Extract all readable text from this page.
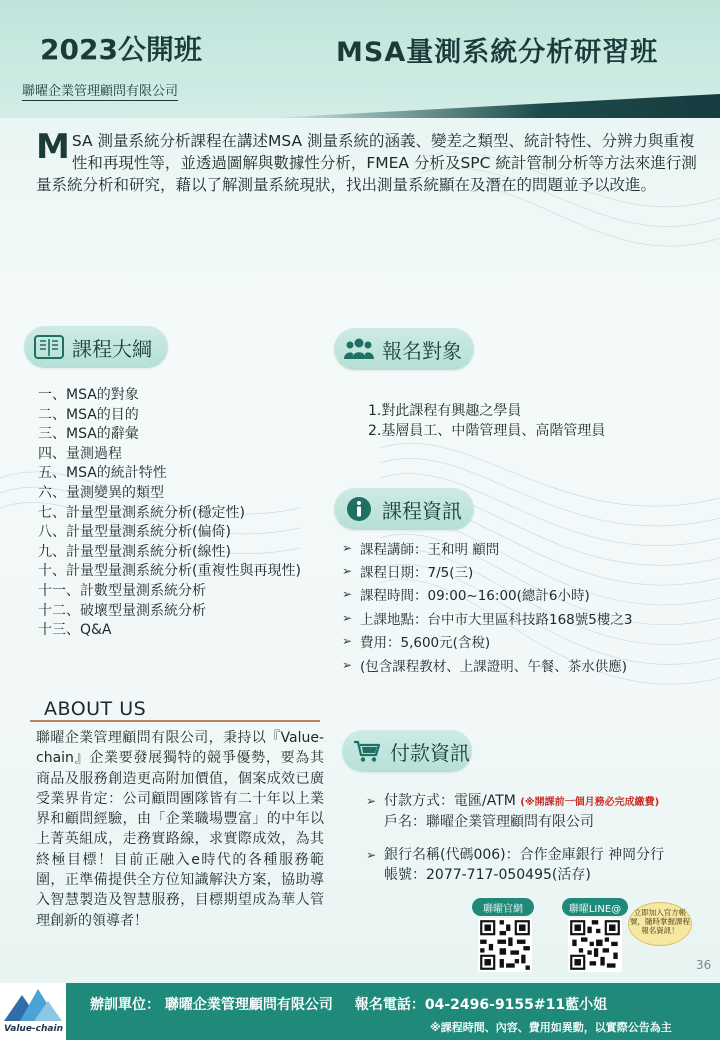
2023公開班	MSA量測系統分析研習班
聯曜企業管理顧問有限公司
MSA 測量系統分析課程在講述MSA 測量系統的涵義、變差之類型、統計特性、分辨力與重複性和再現性等，並透過圖解與數據性分析，FMEA 分析及SPC 統計管制分析等方法來進行測量系統分析和研究，藉以了解測量系統現狀，找出測量系統顯在及潛在的問題並予以改進。
課程大綱
一、MSA的對象
二、MSA的目的
三、MSA的辭彙
四、量測過程
五、MSA的統計特性
六、量測變異的類型
七、計量型量測系統分析(穩定性)
八、計量型量測系統分析(偏倚)
九、計量型量測系統分析(線性)
十、計量型量測系統分析(重複性與再現性)
十一、計數型量測系統分析
十二、破壞型量測系統分析
十三、Q&A
報名對象
1.對此課程有興趣之學員
2.基層員工、中階管理員、高階管理員
課程資訊
➢ 課程講師：王和明 顧問
➢ 課程日期：7/5(三)
➢ 課程時間：09:00~16:00(總計6小時)
➢ 上課地點：台中市大里區科技路168號5樓之3
➢ 費用：5,600元(含稅)
➢ (包含課程教材、上課證明、午餐、茶水供應)
ABOUT US
聯曜企業管理顧問有限公司，秉持以『Value-chain』企業要發展獨特的競爭優勢，要為其商品及服務創造更高附加價值，個案成效已廣受業界肯定：公司顧問團隊皆有二十年以上業界和顧問經驗，由「企業職場豐富」的中年以上菁英組成，走務實路線，求實際成效，為其終極目標！目前正融入e時代的各種服務範圍，正準備提供全方位知識解決方案，協助導入智慧製造及智慧服務，目標期望成為華人管理創新的領導者！
付款資訊
➢ 付款方式：電匯/ATM (※開課前一個月務必完成繳費)
戶名：聯曜企業管理顧問有限公司
➢ 銀行名稱(代碼006)：合作金庫銀行 神岡分行
帳號：2077-717-050495(活存)
聯曜官網	聯曜LINE@	立即加入官方帳號，隨時掌握課程報名資訊！
36
Value-chain
辦訓單位： 聯曜企業管理顧問有限公司 報名電話：04-2496-9155#11藍小姐
※課程時間、內容、費用如異動，以實際公告為主
